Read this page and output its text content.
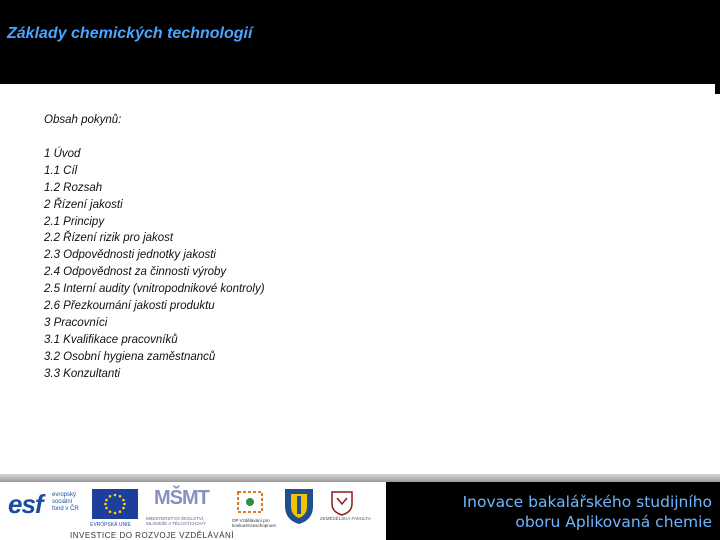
Základy chemických technologií

Obsah pokynů:

1 Úvod
1.1 Cíl
1.2 Rozsah
2 Řízení jakosti
2.1 Principy
2.2 Řízení rizik pro jakost
2.3 Odpovědnosti jednotky jakosti
2.4 Odpovědnost za činnosti výroby
2.5 Interní audity (vnitropodnikové kontroly)
2.6 Přezkoumání jakosti produktu
3 Pracovníci
3.1 Kvalifikace pracovníků
3.2 Osobní hygiena zaměstnanců
3.3 Konzultanti
esf evropský
sociální
fond v ČR
EVROPSKÁ UNIE
MŠMT
MINISTERSTVO ŠKOLSTVÍ, MLÁDEŽE A TĚLOVÝCHOVY
OP Vzdělávání pro konkurenceschopnost
ZEMĚDĚLSKÁ FAKULTA
INVESTICE DO ROZVOJE VZDĚLÁVÁNÍ
Inovace bakalářského studijního
oboru Aplikovaná chemie
